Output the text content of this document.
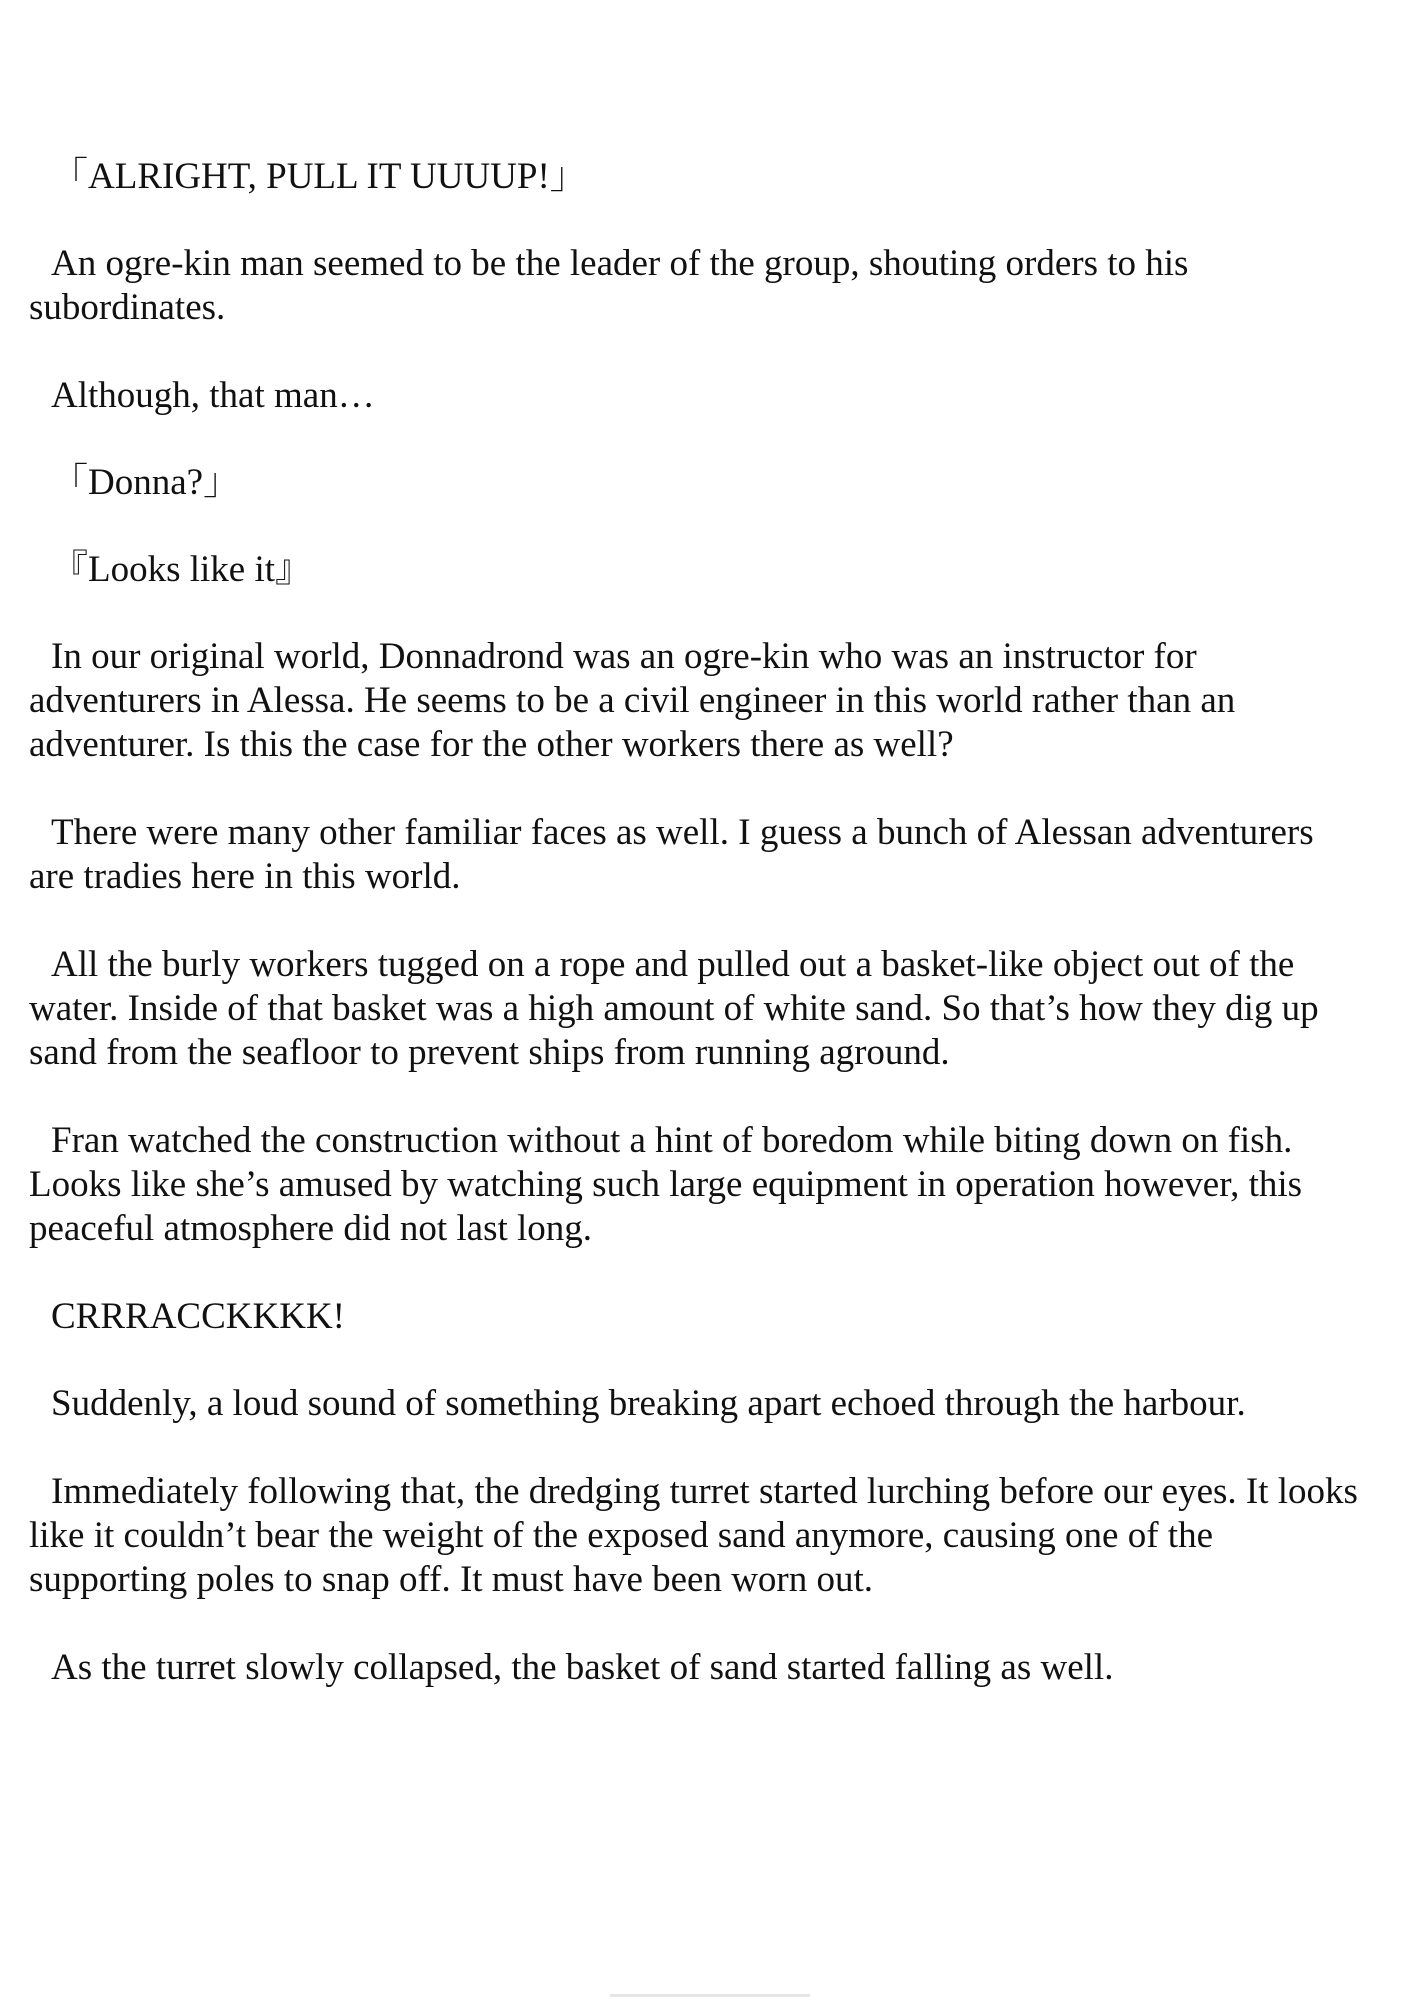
「ALRIGHT, PULL IT UUUUP!」

An ogre-kin man seemed to be the leader of the group, shouting orders to his subordinates.

Although, that man…

「Donna?」

『Looks like it』

In our original world, Donnadrond was an ogre-kin who was an instructor for adventurers in Alessa. He seems to be a civil engineer in this world rather than an adventurer. Is this the case for the other workers there as well?

There were many other familiar faces as well. I guess a bunch of Alessan adventurers are tradies here in this world.

All the burly workers tugged on a rope and pulled out a basket-like object out of the water. Inside of that basket was a high amount of white sand. So that’s how they dig up sand from the seafloor to prevent ships from running aground.

Fran watched the construction without a hint of boredom while biting down on fish. Looks like she’s amused by watching such large equipment in operation however, this peaceful atmosphere did not last long.

CRRRACCKKKK!

Suddenly, a loud sound of something breaking apart echoed through the harbour.

Immediately following that, the dredging turret started lurching before our eyes. It looks like it couldn’t bear the weight of the exposed sand anymore, causing one of the supporting poles to snap off. It must have been worn out.

As the turret slowly collapsed, the basket of sand started falling as well.
